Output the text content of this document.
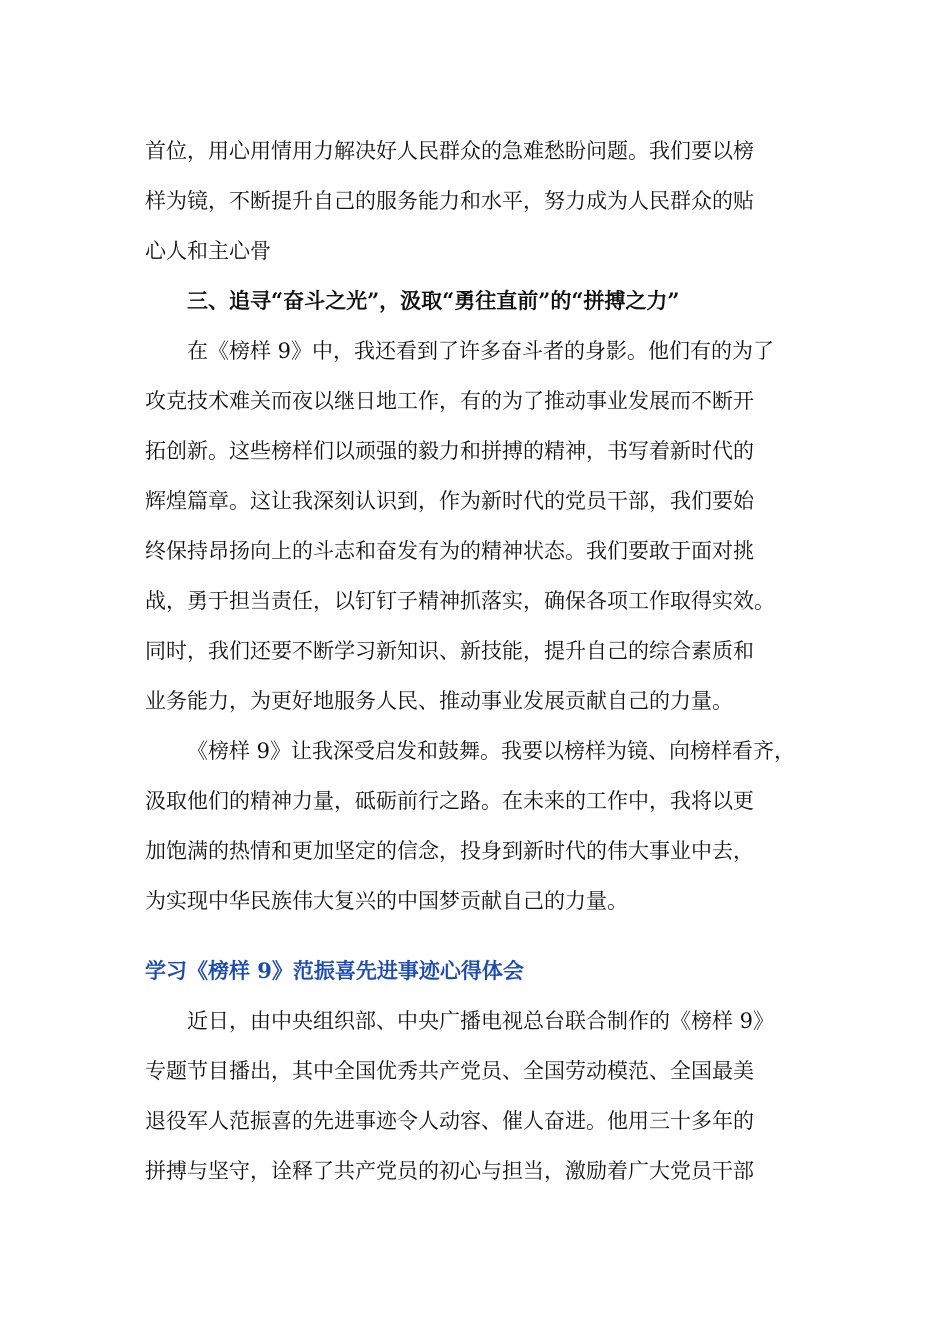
首位，用心用情用力解决好人民群众的急难愁盼问题。我们要以榜
样为镜，不断提升自己的服务能力和水平，努力成为人民群众的贴
心人和主心骨
三、追寻“奋斗之光”，汲取“勇往直前”的“拼搏之力”
在《榜样 9》中，我还看到了许多奋斗者的身影。他们有的为了
攻克技术难关而夜以继日地工作，有的为了推动事业发展而不断开
拓创新。这些榜样们以顽强的毅力和拼搏的精神，书写着新时代的
辉煌篇章。这让我深刻认识到，作为新时代的党员干部，我们要始
终保持昂扬向上的斗志和奋发有为的精神状态。我们要敢于面对挑
战，勇于担当责任，以钉钉子精神抓落实，确保各项工作取得实效。
同时，我们还要不断学习新知识、新技能，提升自己的综合素质和
业务能力，为更好地服务人民、推动事业发展贡献自己的力量。
《榜样 9》让我深受启发和鼓舞。我要以榜样为镜、向榜样看齐，
汲取他们的精神力量，砥砺前行之路。在未来的工作中，我将以更
加饱满的热情和更加坚定的信念，投身到新时代的伟大事业中去，
为实现中华民族伟大复兴的中国梦贡献自己的力量。
学习《榜样 9》范振喜先进事迹心得体会
近日，由中央组织部、中央广播电视总台联合制作的《榜样 9》
专题节目播出，其中全国优秀共产党员、全国劳动模范、全国最美
退役军人范振喜的先进事迹令人动容、催人奋进。他用三十多年的
拼搏与坚守，诠释了共产党员的初心与担当，激励着广大党员干部
